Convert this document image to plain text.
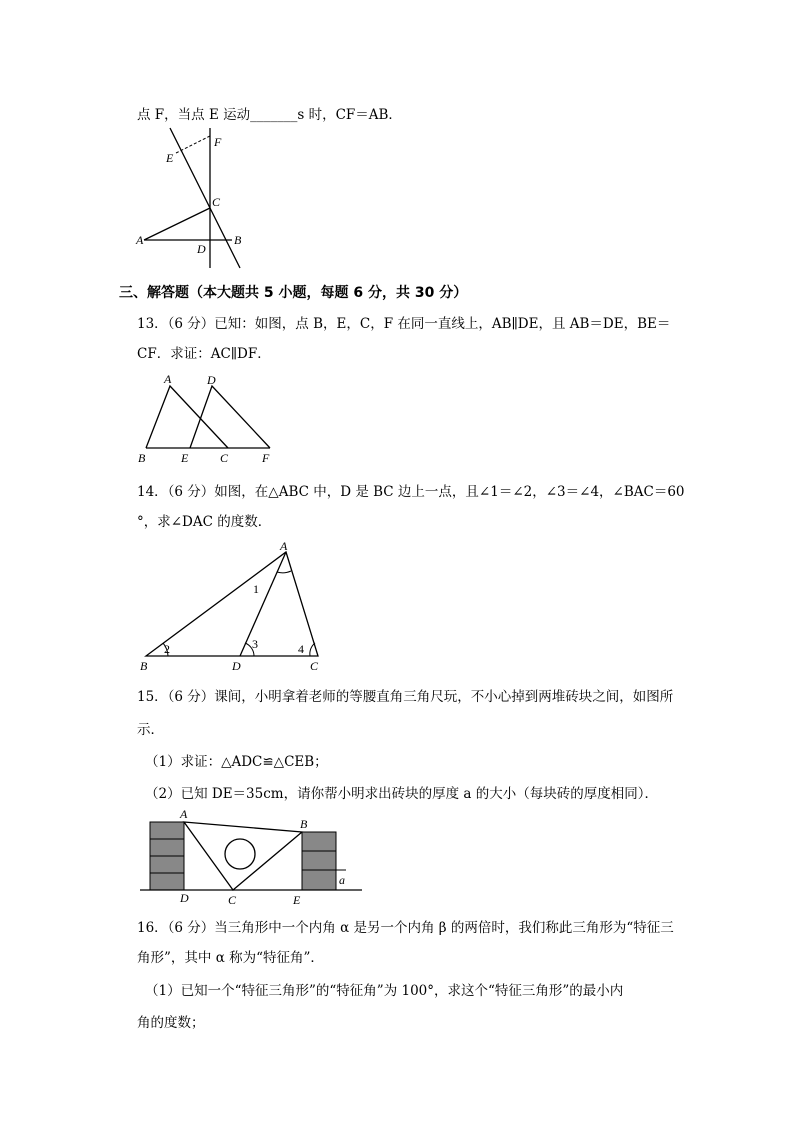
点 F，当点 E 运动_______s 时，CF＝AB．
F
E
C
A
D
B
三、解答题（本大题共 5 小题，每题 6 分，共 30 分）
13．（6 分）已知：如图，点 B，E，C，F 在同一直线上，AB∥DE，且 AB＝DE，BE＝
CF．求证：AC∥DF．
A	D
B	E	C	F
14．（6 分）如图，在△ABC 中，D 是 BC 边上一点，且∠1＝∠2，∠3＝∠4，∠BAC＝60
°，求∠DAC 的度数．
A
1
2	3	4
B	D	C
15．（6 分）课间，小明拿着老师的等腰直角三角尺玩，不小心掉到两堆砖块之间，如图所
示．
（1）求证：△ADC≌△CEB；
（2）已知 DE＝35cm，请你帮小明求出砖块的厚度 a 的大小（每块砖的厚度相同）．
A
B
D	C	E
a
16．（6 分）当三角形中一个内角 α 是另一个内角 β 的两倍时，我们称此三角形为“特征三
角形”，其中 α 称为“特征角”．
（1）已知一个“特征三角形”的“特征角”为 100°，求这个“特征三角形”的最小内
角的度数；
